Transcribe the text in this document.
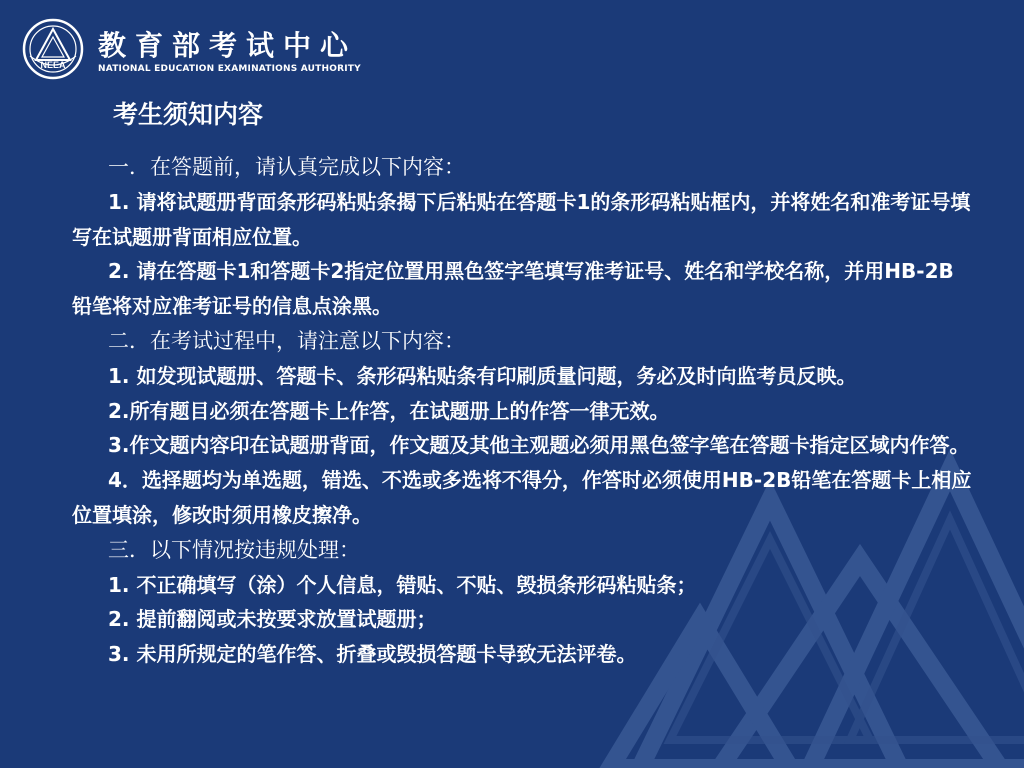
NEEA
教育部考试中心
NATIONAL EDUCATION EXAMINATIONS AUTHORITY
考生须知内容

一．在答题前，请认真完成以下内容：

1. 请将试题册背面条形码粘贴条揭下后粘贴在答题卡1的条形码粘贴框内，并将姓名和准考证号填写在试题册背面相应位置。

2. 请在答题卡1和答题卡2指定位置用黑色签字笔填写准考证号、姓名和学校名称，并用HB-2B铅笔将对应准考证号的信息点涂黑。

二．在考试过程中，请注意以下内容：

1. 如发现试题册、答题卡、条形码粘贴条有印刷质量问题，务必及时向监考员反映。

2.所有题目必须在答题卡上作答，在试题册上的作答一律无效。

3.作文题内容印在试题册背面，作文题及其他主观题必须用黑色签字笔在答题卡指定区域内作答。

4．选择题均为单选题，错选、不选或多选将不得分，作答时必须使用HB-2B铅笔在答题卡上相应位置填涂，修改时须用橡皮擦净。

三．以下情况按违规处理：

1. 不正确填写（涂）个人信息，错贴、不贴、毁损条形码粘贴条；

2. 提前翻阅或未按要求放置试题册；

3. 未用所规定的笔作答、折叠或毁损答题卡导致无法评卷。
